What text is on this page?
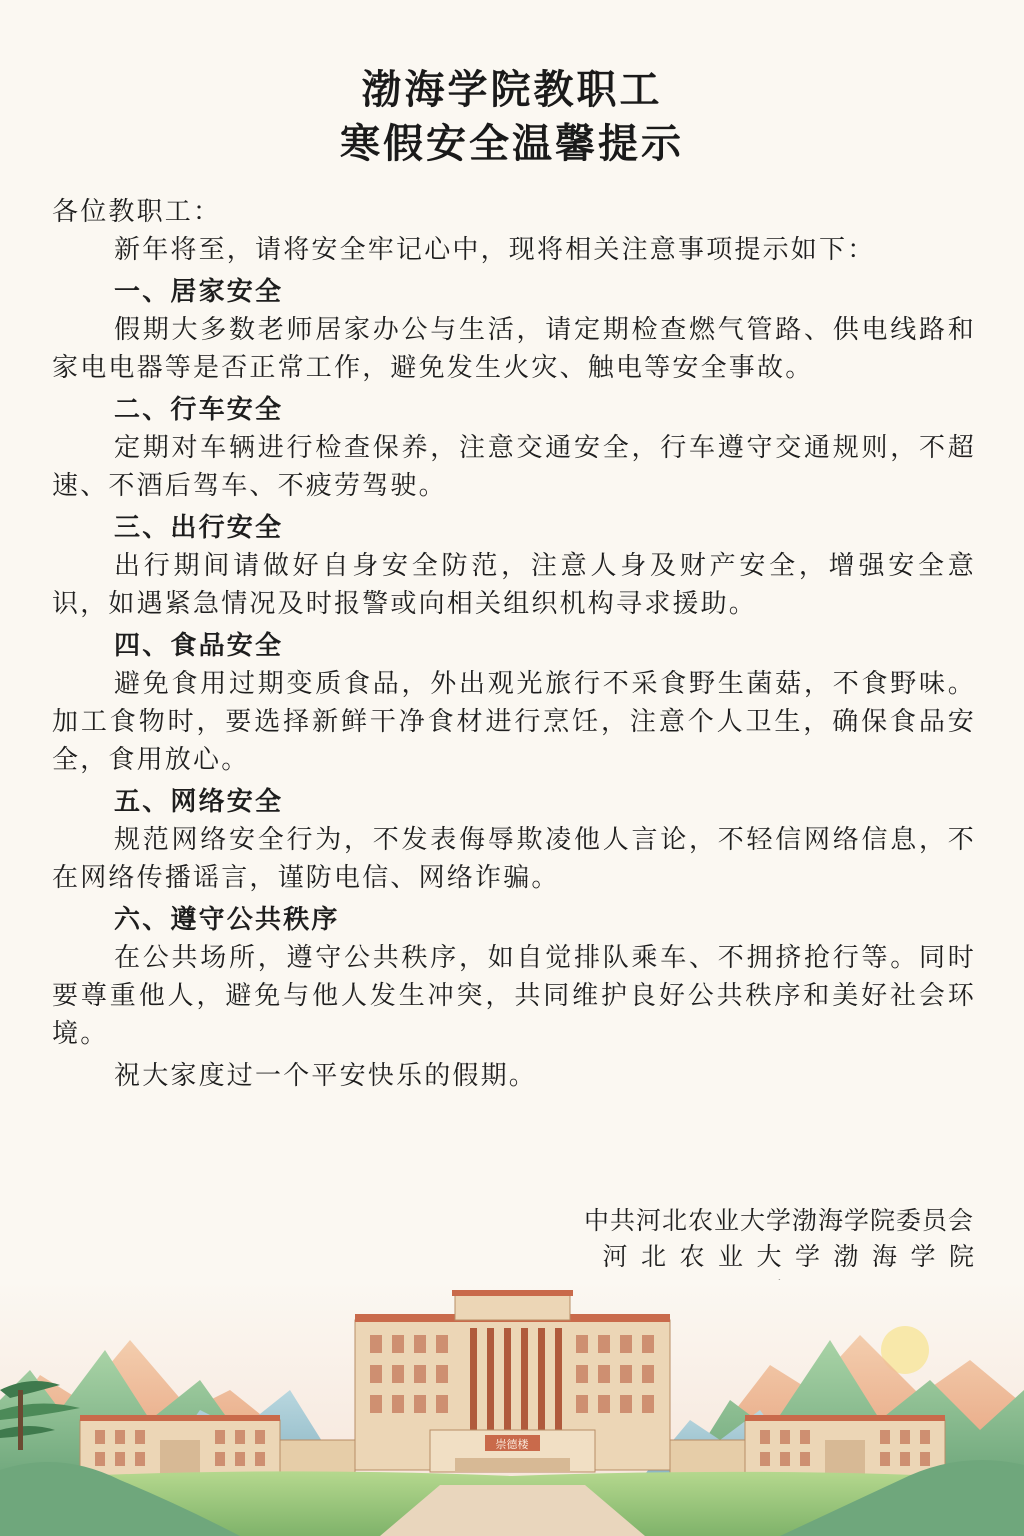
渤海学院教职工
寒假安全温馨提示

各位教职工：

新年将至，请将安全牢记心中，现将相关注意事项提示如下：

一、居家安全

假期大多数老师居家办公与生活，请定期检查燃气管路、供电线路和家电电器等是否正常工作，避免发生火灾、触电等安全事故。

二、行车安全

定期对车辆进行检查保养，注意交通安全，行车遵守交通规则，不超速、不酒后驾车、不疲劳驾驶。

三、出行安全

出行期间请做好自身安全防范，注意人身及财产安全，增强安全意识，如遇紧急情况及时报警或向相关组织机构寻求援助。

四、食品安全

避免食用过期变质食品，外出观光旅行不采食野生菌菇，不食野味。加工食物时，要选择新鲜干净食材进行烹饪，注意个人卫生，确保食品安全，食用放心。

五、网络安全

规范网络安全行为，不发表侮辱欺凌他人言论，不轻信网络信息，不在网络传播谣言，谨防电信、网络诈骗。

六、遵守公共秩序

在公共场所，遵守公共秩序，如自觉排队乘车、不拥挤抢行等。同时要尊重他人，避免与他人发生冲突，共同维护良好公共秩序和美好社会环境。

祝大家度过一个平安快乐的假期。

中共河北农业大学渤海学院委员会
河北农业大学渤海学院
崇德楼
